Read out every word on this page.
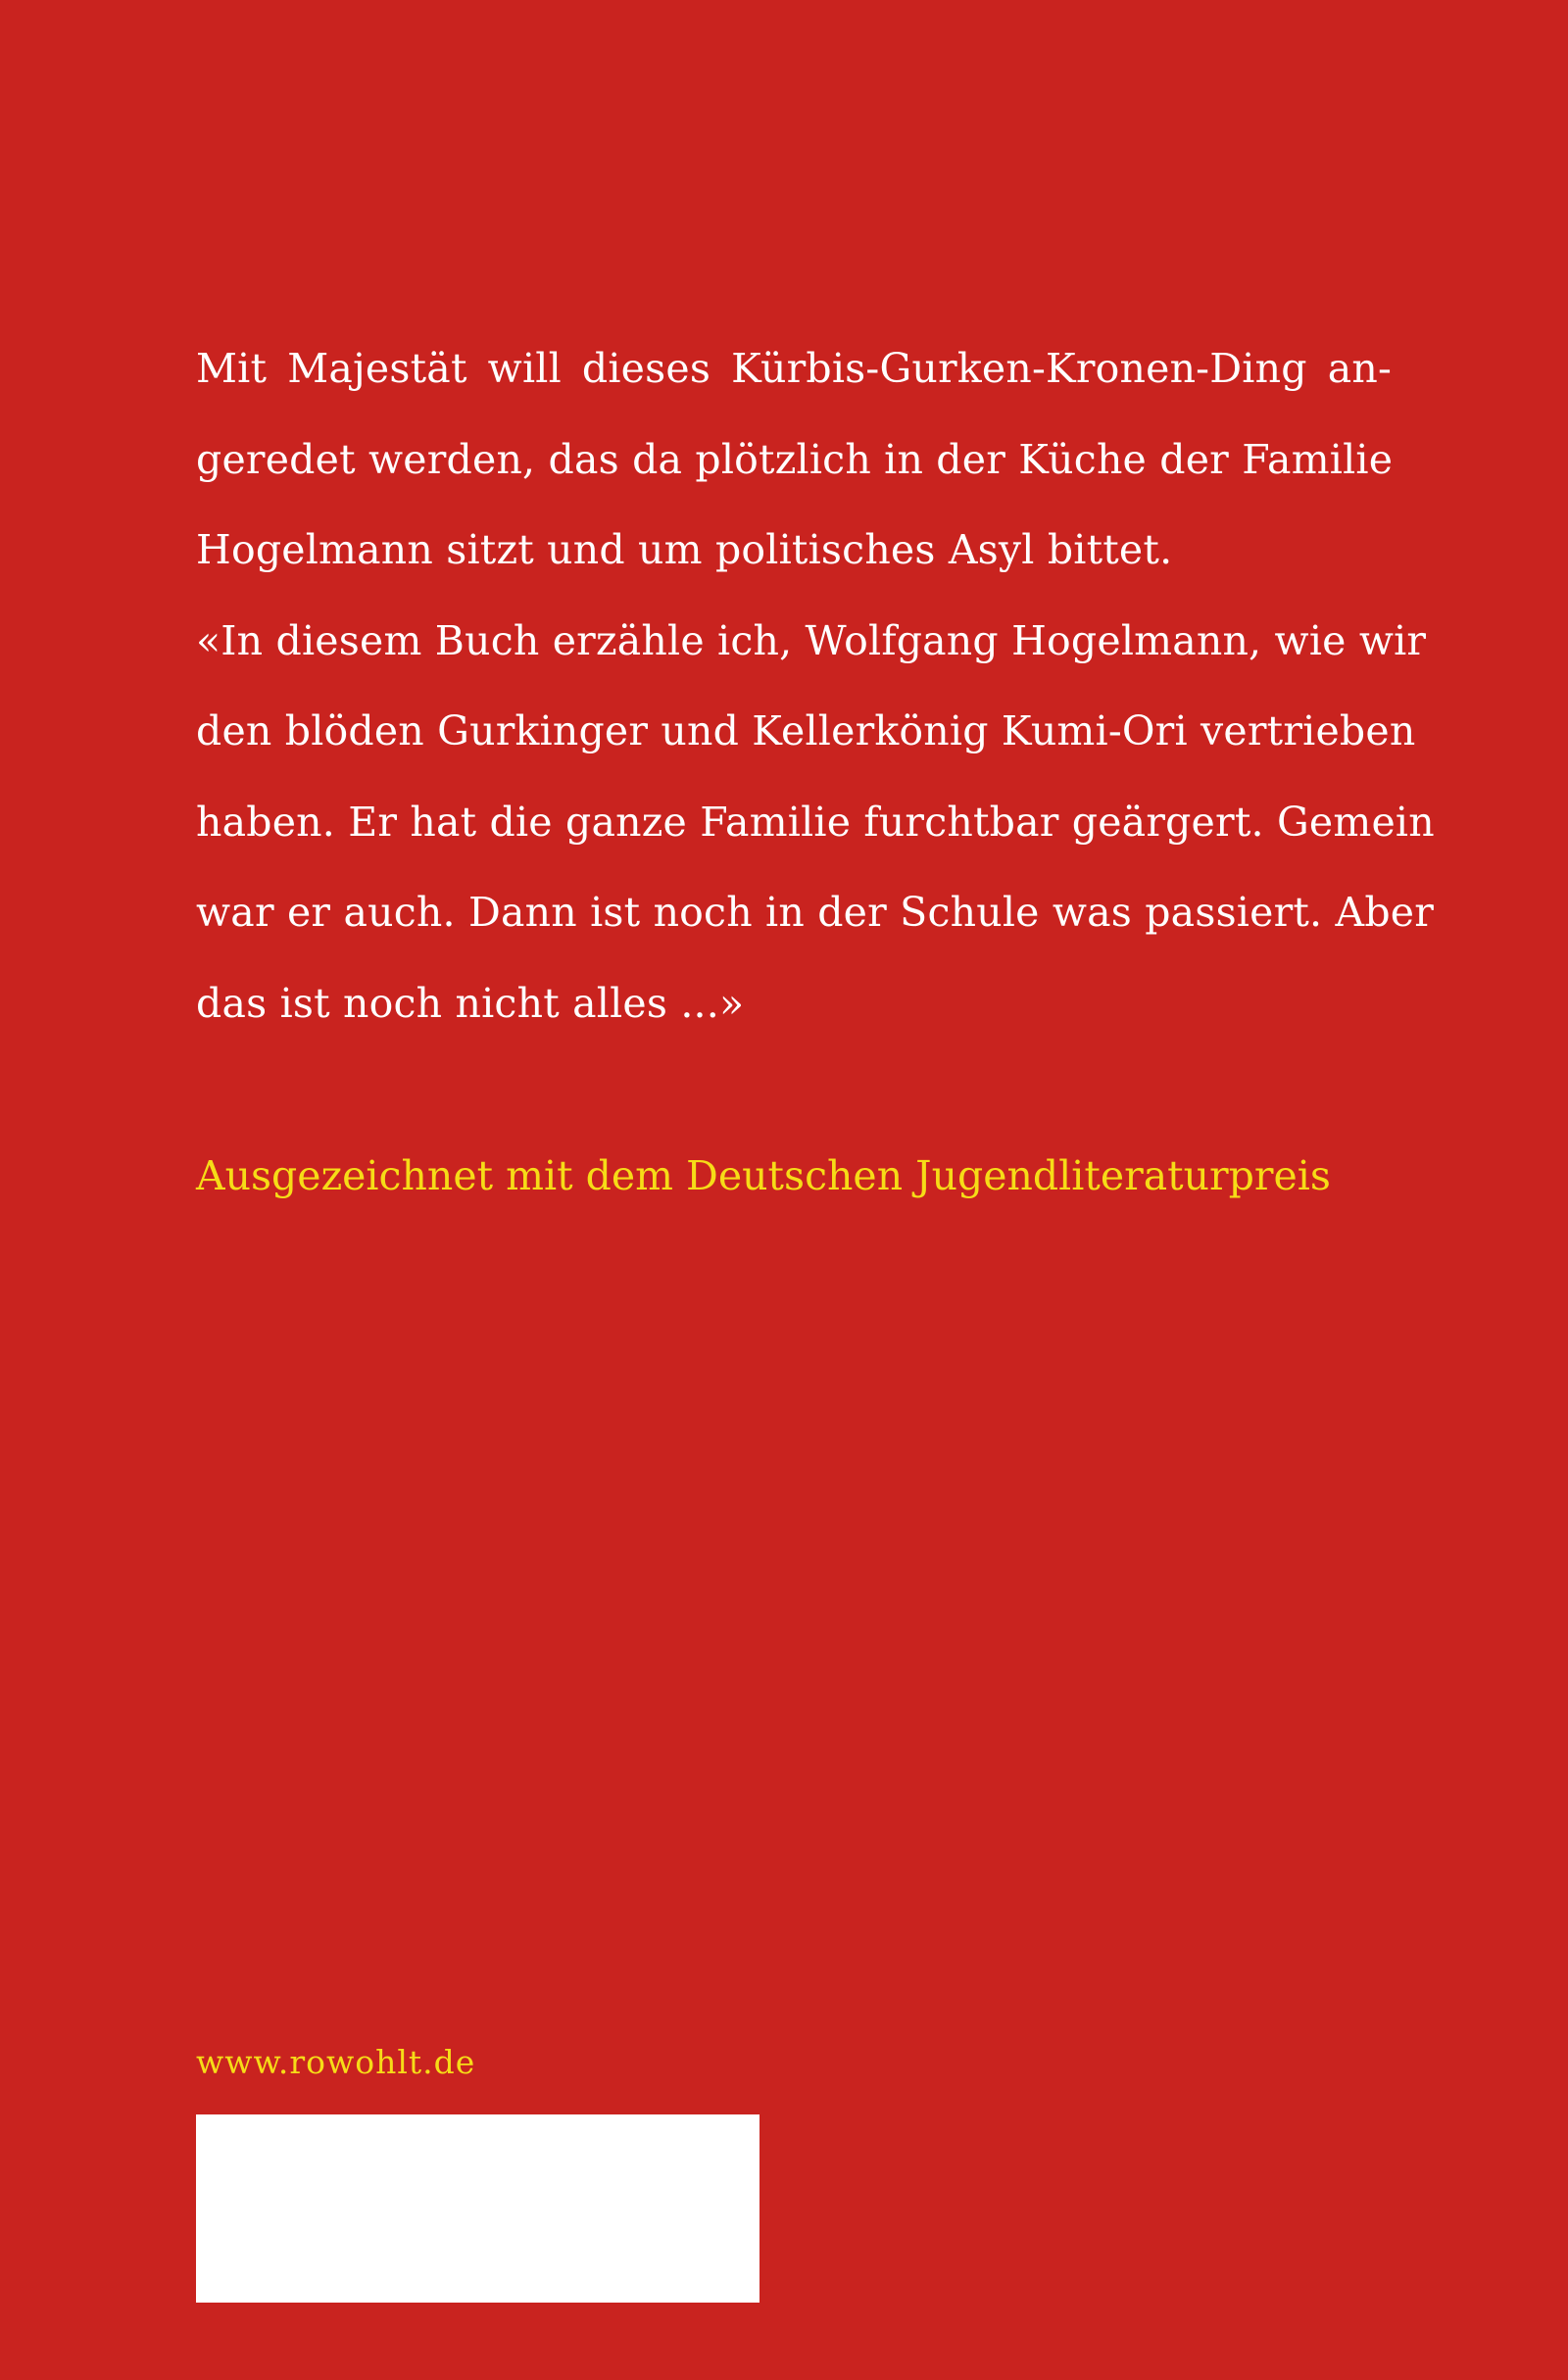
Mit Majestät will dieses Kürbis-Gurken-Kronen-Ding an-
geredet werden, das da plötzlich in der Küche der Familie
Hogelmann sitzt und um politisches Asyl bittet.

«In diesem Buch erzähle ich, Wolfgang Hogelmann, wie wir
den blöden Gurkinger und Kellerkönig Kumi-Ori vertrieben
haben. Er hat die ganze Familie furchtbar geärgert. Gemein
war er auch. Dann ist noch in der Schule was passiert. Aber
das ist noch nicht alles ...»

Ausgezeichnet mit dem Deutschen Jugendliteraturpreis
www.rowohlt.de
